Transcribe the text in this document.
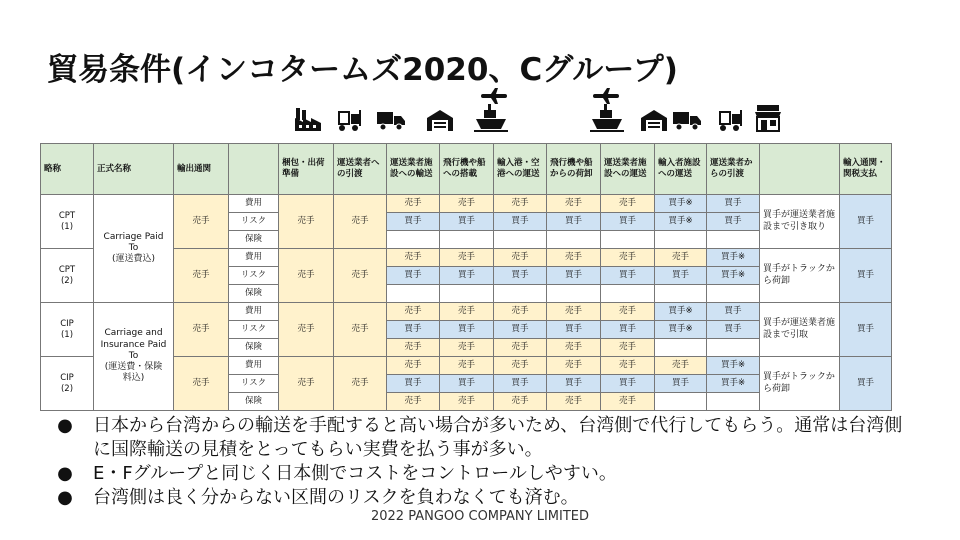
貿易条件(インコタームズ2020、Cグループ)
略称	正式名称	輸出通関		梱包・出荷準備	運送業者への引渡	運送業者施設への輸送	飛行機や船への搭載	輸入港・空港への運送	飛行機や船からの荷卸	運送業者施設への運送	輸入者施設への運送	運送業者からの引渡		輸入通関・関税支払
CPT
(1)	Carriage Paid
To
(運送費込)	売手	費用	売手	売手	売手	売手	売手	売手	売手	買手※	買手	買手が運送業者施設まで引き取り	買手
			リスク			買手	買手	買手	買手	買手	買手※	買手		
			保険											
CPT
(2)		売手	費用	売手	売手	売手	売手	売手	売手	売手	売手	買手※	買手がトラックから荷卸	買手
			リスク			買手	買手	買手	買手	買手	買手	買手※		
			保険											
CIP
(1)	Carriage and
Insurance Paid
To
(運送費・保険
料込)	売手	費用	売手	売手	売手	売手	売手	売手	売手	買手※	買手	買手が運送業者施設まで引取	買手
			リスク			買手	買手	買手	買手	買手	買手※	買手		
			保険			売手	売手	売手	売手	売手				
CIP
(2)		売手	費用	売手	売手	売手	売手	売手	売手	売手	売手	買手※	買手がトラックから荷卸	買手
			リスク			買手	買手	買手	買手	買手	買手	買手※		
			保険			売手	売手	売手	売手	売手				
● 日本から台湾からの輸送を手配すると高い場合が多いため、台湾側で代行してもらう。通常は台湾側に国際輸送の見積をとってもらい実費を払う事が多い。
● E・Fグループと同じく日本側でコストをコントロールしやすい。
● 台湾側は良く分からない区間のリスクを負わなくても済む。
2022 PANGOO COMPANY LIMITED
